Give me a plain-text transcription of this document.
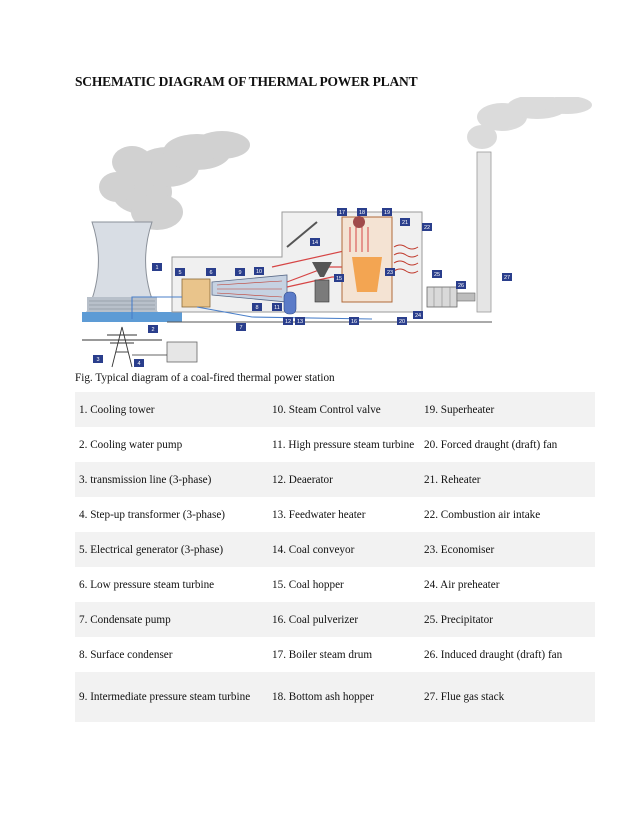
SCHEMATIC DIAGRAM OF THERMAL POWER PLANT
1
2
3
4
5	6
7
8
9	10
11
12 13
14
15
16
17	18	19
20
21
22
23
24
25
26
27
Fig. Typical diagram of a coal-fired thermal power station
1. Cooling tower	10. Steam Control valve	19. Superheater
2. Cooling water pump	11. High pressure steam turbine	20. Forced draught (draft) fan
3. transmission line (3-phase)	12. Deaerator	21. Reheater
4. Step-up transformer (3-phase)	13. Feedwater heater	22. Combustion air intake
5. Electrical generator (3-phase)	14. Coal conveyor	23. Economiser
6. Low pressure steam turbine	15. Coal hopper	24. Air preheater
7. Condensate pump	16. Coal pulverizer	25. Precipitator
8. Surface condenser	17. Boiler steam drum	26. Induced draught (draft) fan
9. Intermediate pressure steam turbine	18. Bottom ash hopper	27. Flue gas stack
